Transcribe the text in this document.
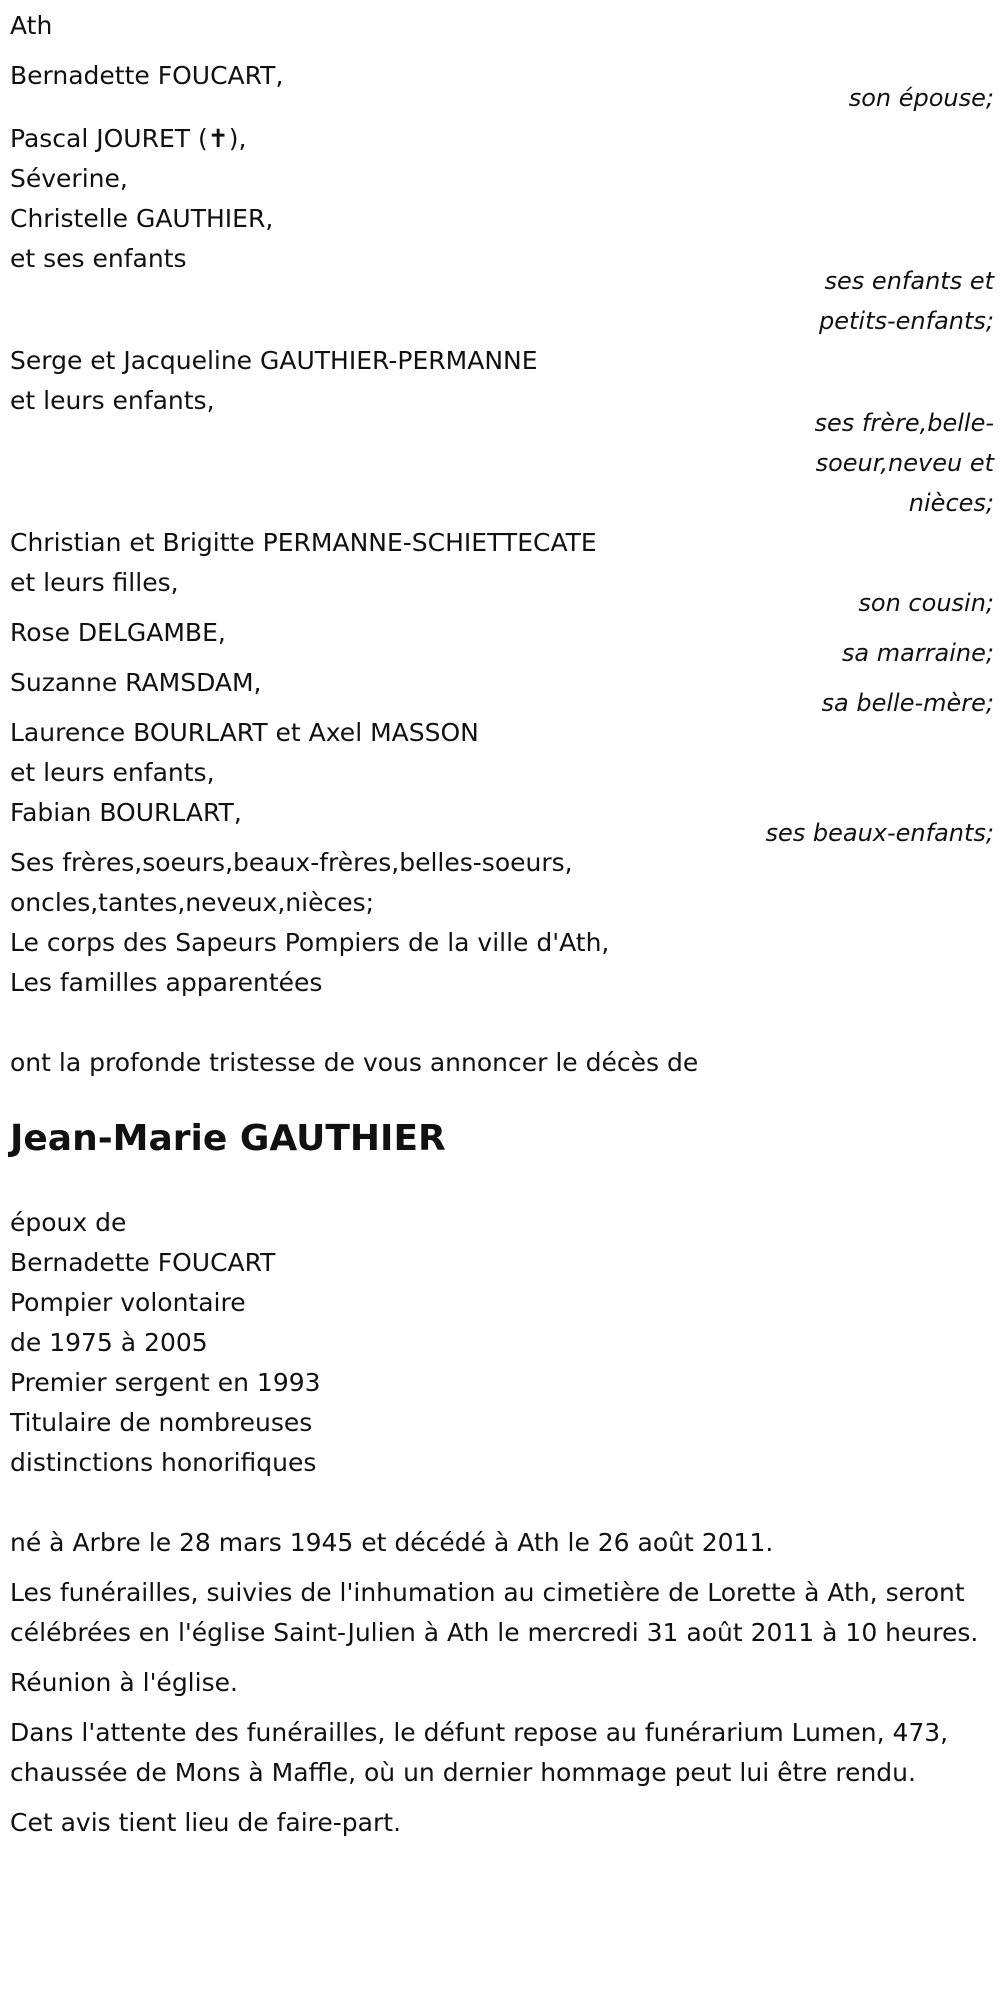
Ath
Bernadette FOUCART,
son épouse;
Pascal JOURET (✝),
Séverine,
Christelle GAUTHIER,
et ses enfants
ses enfants et petits-enfants;
Serge et Jacqueline GAUTHIER-PERMANNE
et leurs enfants,
ses frère,belle-soeur,neveu et nièces;
Christian et Brigitte PERMANNE-SCHIETTECATE
et leurs filles,
son cousin;
Rose DELGAMBE,
sa marraine;
Suzanne RAMSDAM,
sa belle-mère;
Laurence BOURLART et Axel MASSON
et leurs enfants,
Fabian BOURLART,
ses beaux-enfants;
Ses frères,soeurs,beaux-frères,belles-soeurs,
oncles,tantes,neveux,nièces;
Le corps des Sapeurs Pompiers de la ville d'Ath,
Les familles apparentées
ont la profonde tristesse de vous annoncer le décès de
Jean-Marie GAUTHIER
époux de
Bernadette FOUCART
Pompier volontaire
de 1975 à 2005
Premier sergent en 1993
Titulaire de nombreuses
distinctions honorifiques
né à Arbre le 28 mars 1945 et décédé à Ath le 26 août 2011.
Les funérailles, suivies de l'inhumation au cimetière de Lorette à Ath, seront célébrées en l'église Saint-Julien à Ath le mercredi 31 août 2011 à 10 heures.
Réunion à l'église.
Dans l'attente des funérailles, le défunt repose au funérarium Lumen, 473, chaussée de Mons à Maffle, où un dernier hommage peut lui être rendu.
Cet avis tient lieu de faire-part.
